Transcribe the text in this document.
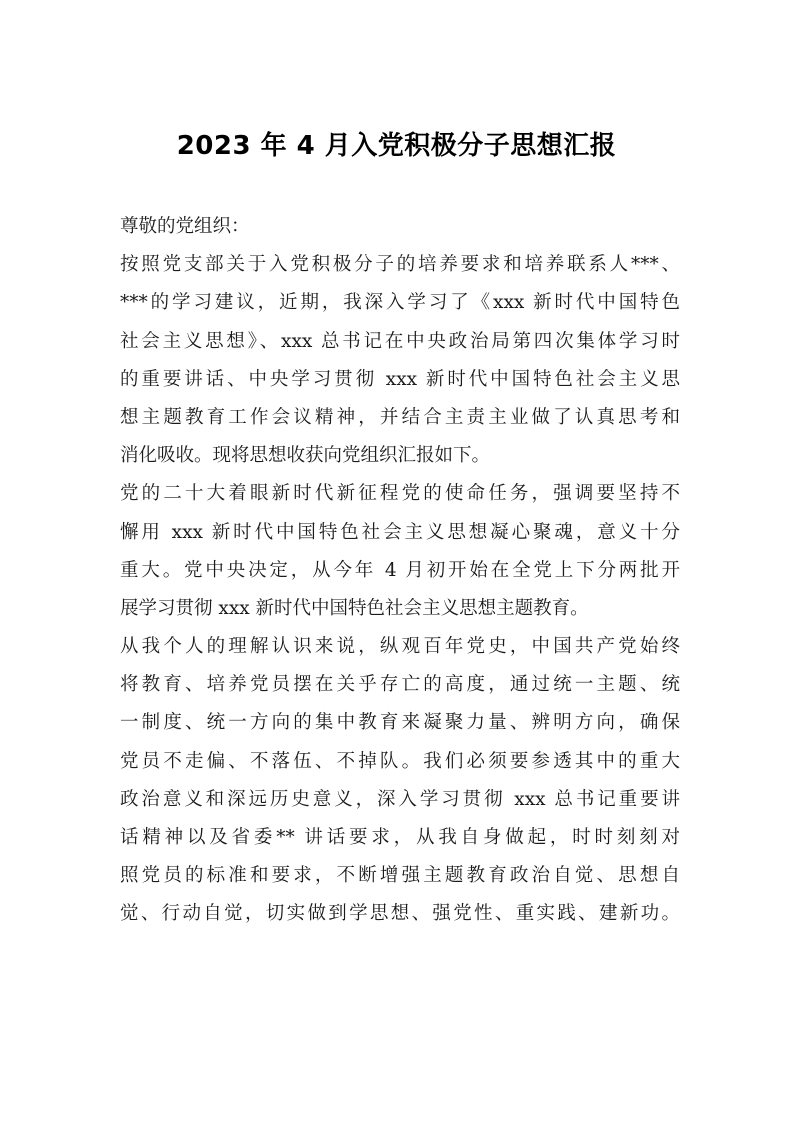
2023 年 4 月入党积极分子思想汇报
尊敬的党组织：
按照党支部关于入党积极分子的培养要求和培养联系人***、
***的学习建议，近期，我深入学习了《xxx 新时代中国特色
社会主义思想》、xxx 总书记在中央政治局第四次集体学习时
的重要讲话、中央学习贯彻 xxx 新时代中国特色社会主义思
想主题教育工作会议精神，并结合主责主业做了认真思考和
消化吸收。现将思想收获向党组织汇报如下。
党的二十大着眼新时代新征程党的使命任务，强调要坚持不
懈用 xxx 新时代中国特色社会主义思想凝心聚魂，意义十分
重大。党中央决定，从今年 4 月初开始在全党上下分两批开
展学习贯彻 xxx 新时代中国特色社会主义思想主题教育。
从我个人的理解认识来说，纵观百年党史，中国共产党始终
将教育、培养党员摆在关乎存亡的高度，通过统一主题、统
一制度、统一方向的集中教育来凝聚力量、辨明方向，确保
党员不走偏、不落伍、不掉队。我们必须要参透其中的重大
政治意义和深远历史意义，深入学习贯彻 xxx 总书记重要讲
话精神以及省委** 讲话要求，从我自身做起，时时刻刻对
照党员的标准和要求，不断增强主题教育政治自觉、思想自
觉、行动自觉，切实做到学思想、强党性、重实践、建新功。
